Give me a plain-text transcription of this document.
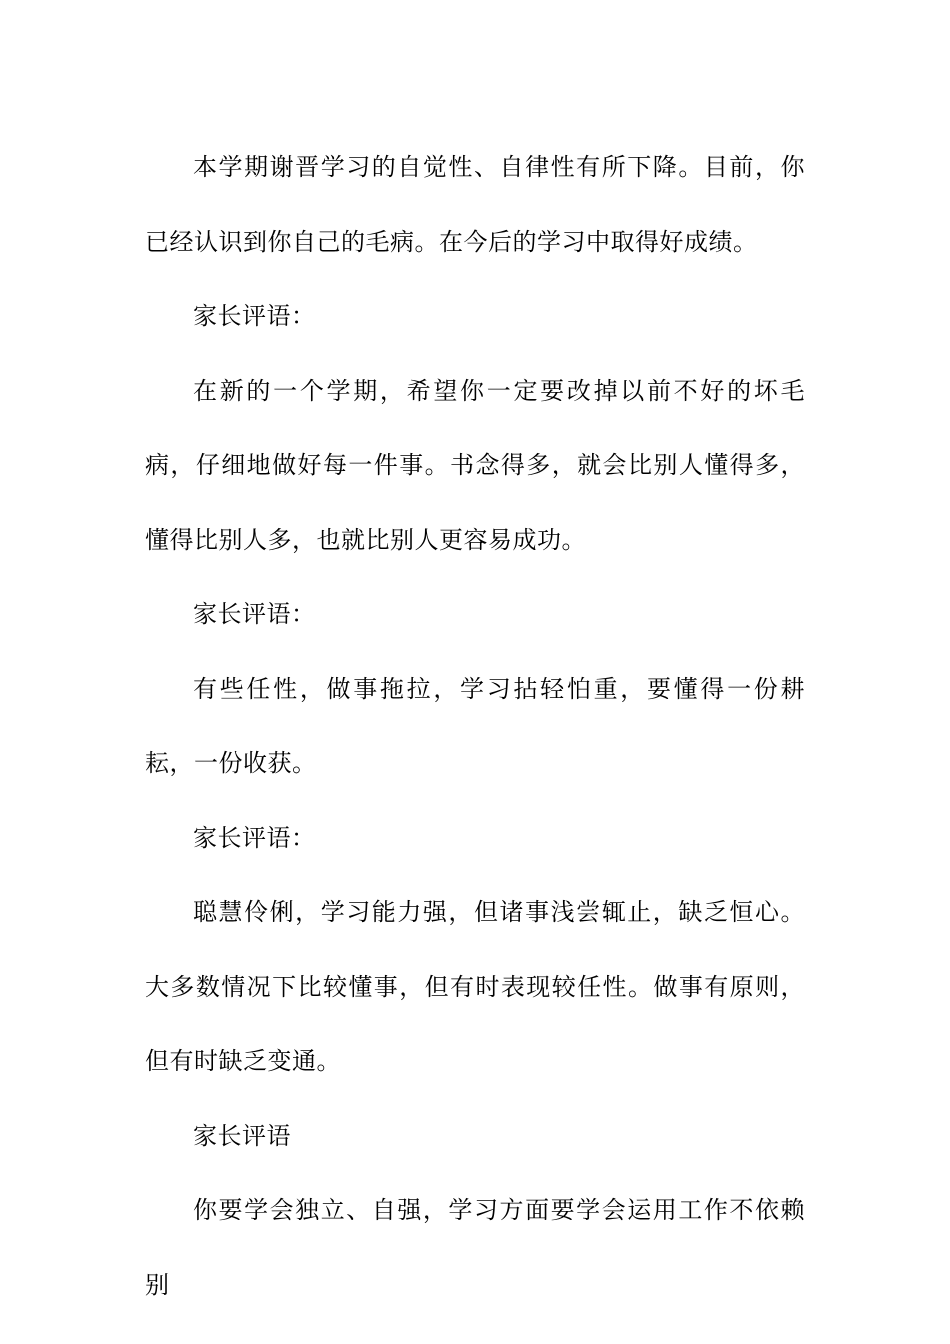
本学期谢晋学习的自觉性、自律性有所下降。目前，你已经认识到你自己的毛病。在今后的学习中取得好成绩。

家长评语：

在新的一个学期，希望你一定要改掉以前不好的坏毛病，仔细地做好每一件事。书念得多，就会比别人懂得多，懂得比别人多，也就比别人更容易成功。

家长评语：

有些任性，做事拖拉，学习拈轻怕重，要懂得一份耕耘，一份收获。

家长评语：

聪慧伶俐，学习能力强，但诸事浅尝辄止，缺乏恒心。大多数情况下比较懂事，但有时表现较任性。做事有原则，但有时缺乏变通。

家长评语

你要学会独立、自强，学习方面要学会运用工作不依赖别
